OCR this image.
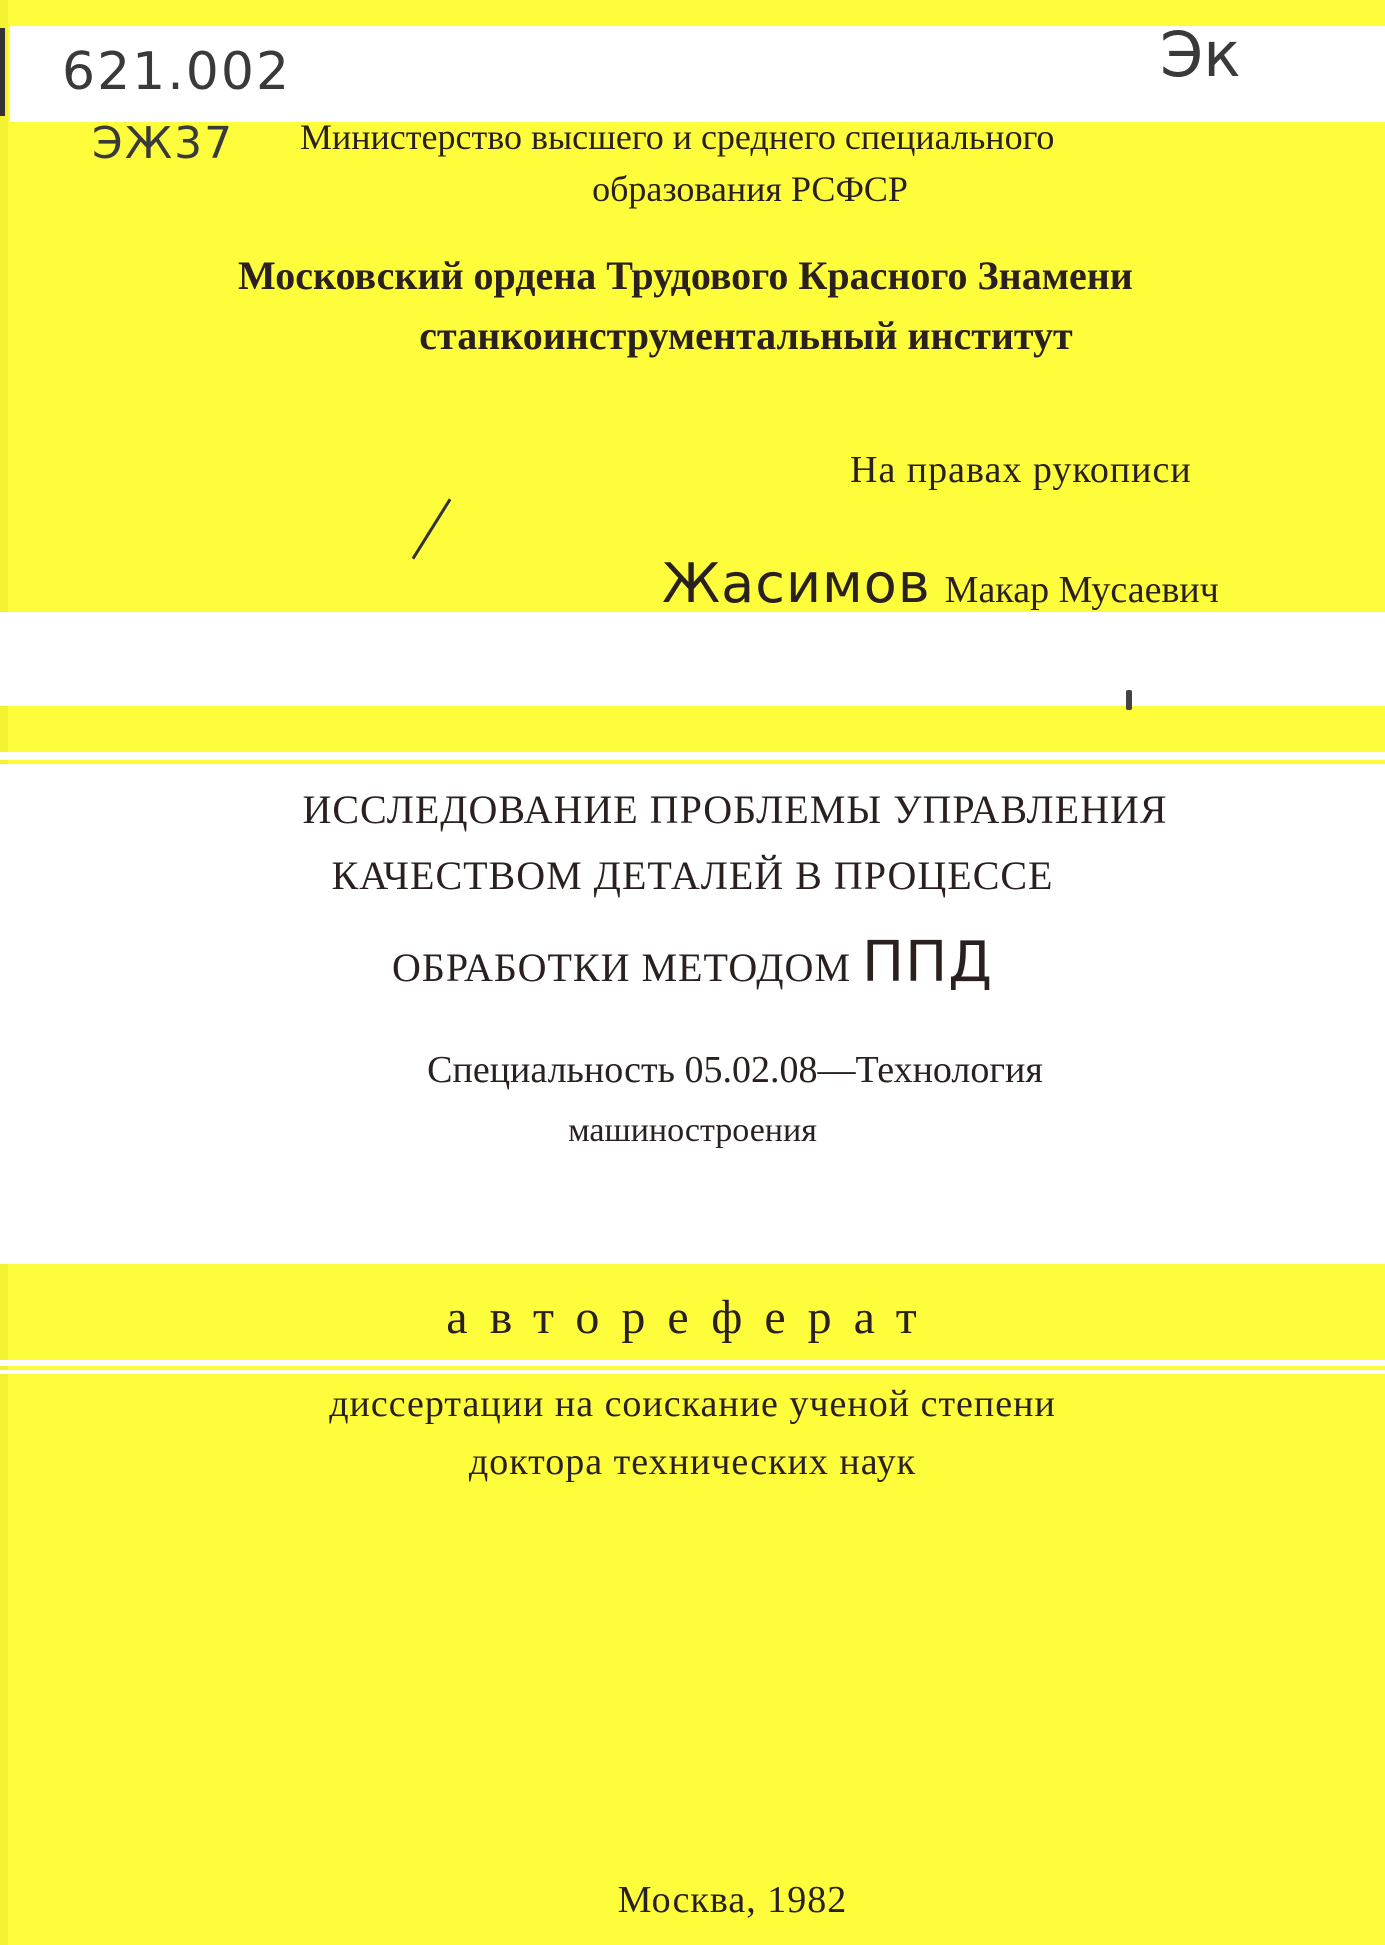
621.002
ЭЖ37
Эк
Министерство высшего и среднего специального
образования РСФСР
Московский ордена Трудового Красного Знамени
станкоинструментальный институт
На правах рукописи
Жасимов Макар Мусаевич
ИССЛЕДОВАНИЕ ПРОБЛЕМЫ УПРАВЛЕНИЯ
КАЧЕСТВОМ ДЕТАЛЕЙ В ПРОЦЕССЕ
ОБРАБОТКИ МЕТОДОМ ППД
Специальность 05.02.08—Технология
машиностроения
автореферат
диссертации на соискание ученой степени
доктора технических наук
Москва, 1982
